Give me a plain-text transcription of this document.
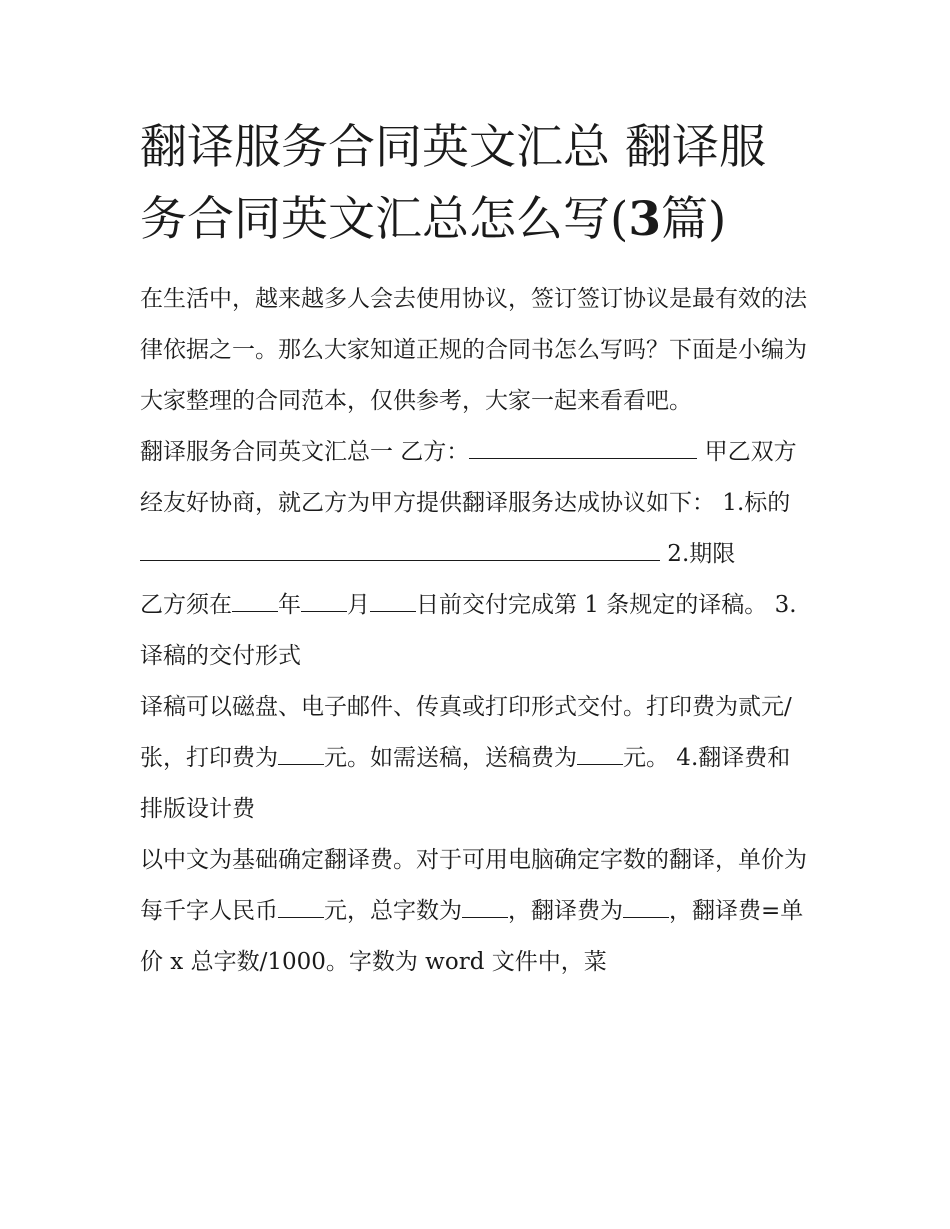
翻译服务合同英文汇总 翻译服务合同英文汇总怎么写(3篇)

在生活中，越来越多人会去使用协议，签订签订协议是最有效的法律依据之一。那么大家知道正规的合同书怎么写吗？下面是小编为大家整理的合同范本，仅供参考，大家一起来看看吧。

翻译服务合同英文汇总一 乙方：	甲乙双方经友好协商，就乙方为甲方提供翻译服务达成协议如下： 1.标的

2.期限

乙方须在 年 月 日前交付完成第 1 条规定的译稿。 3.译稿的交付形式

译稿可以磁盘、电子邮件、传真或打印形式交付。打印费为贰元/张，打印费为 元。如需送稿，送稿费为 元。 4.翻译费和排版设计费

以中文为基础确定翻译费。对于可用电脑确定字数的翻译，单价为每千字人民币 元，总字数为 ，翻译费为 ，翻译费=单价 x 总字数/1000。字数为 word 文件中，菜
